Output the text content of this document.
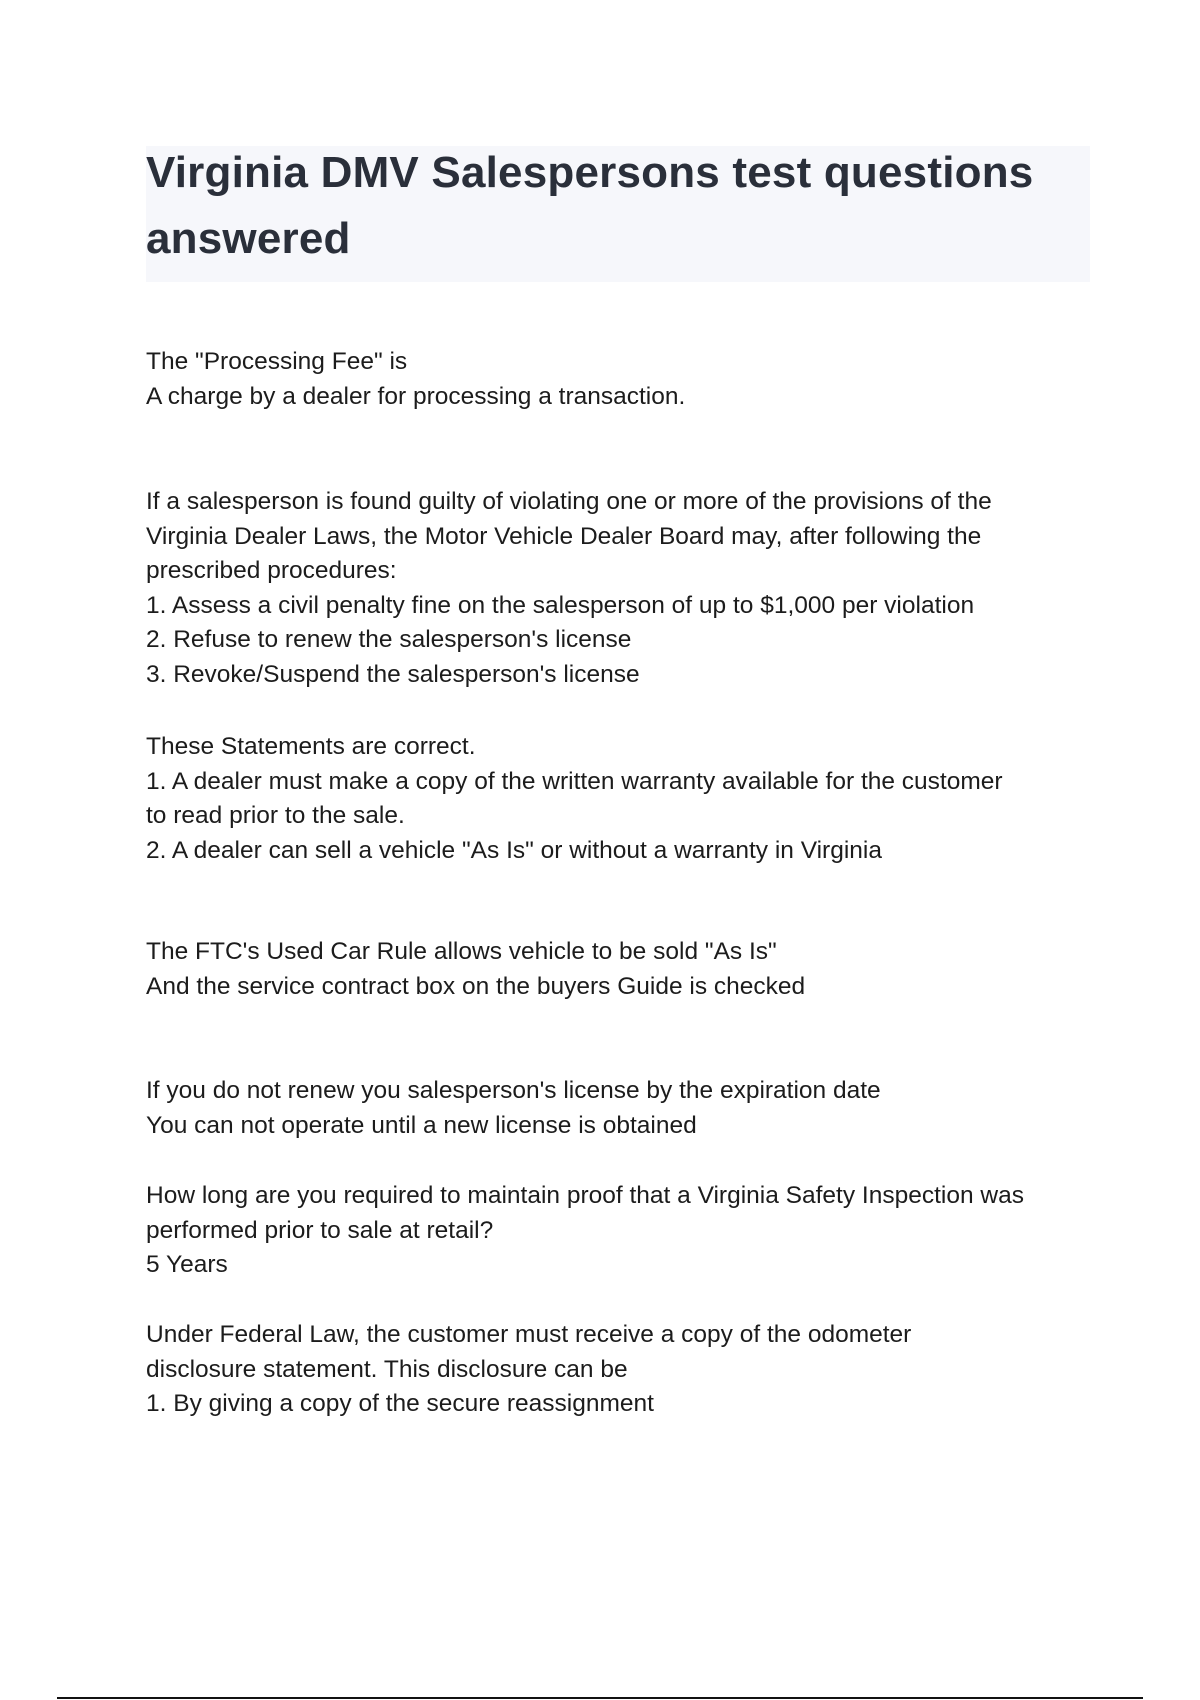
Virginia DMV Salespersons test questions answered
The "Processing Fee" is
A charge by a dealer for processing a transaction.
If a salesperson is found guilty of violating one or more of the provisions of the
Virginia Dealer Laws, the Motor Vehicle Dealer Board may, after following the
prescribed procedures:
1. Assess a civil penalty fine on the salesperson of up to $1,000 per violation
2. Refuse to renew the salesperson's license
3. Revoke/Suspend the salesperson's license
These Statements are correct.
1. A dealer must make a copy of the written warranty available for the customer
to read prior to the sale.
2. A dealer can sell a vehicle "As Is" or without a warranty in Virginia
The FTC's Used Car Rule allows vehicle to be sold "As Is"
And the service contract box on the buyers Guide is checked
If you do not renew you salesperson's license by the expiration date
You can not operate until a new license is obtained
How long are you required to maintain proof that a Virginia Safety Inspection was
performed prior to sale at retail?
5 Years
Under Federal Law, the customer must receive a copy of the odometer
disclosure statement. This disclosure can be
1. By giving a copy of the secure reassignment
